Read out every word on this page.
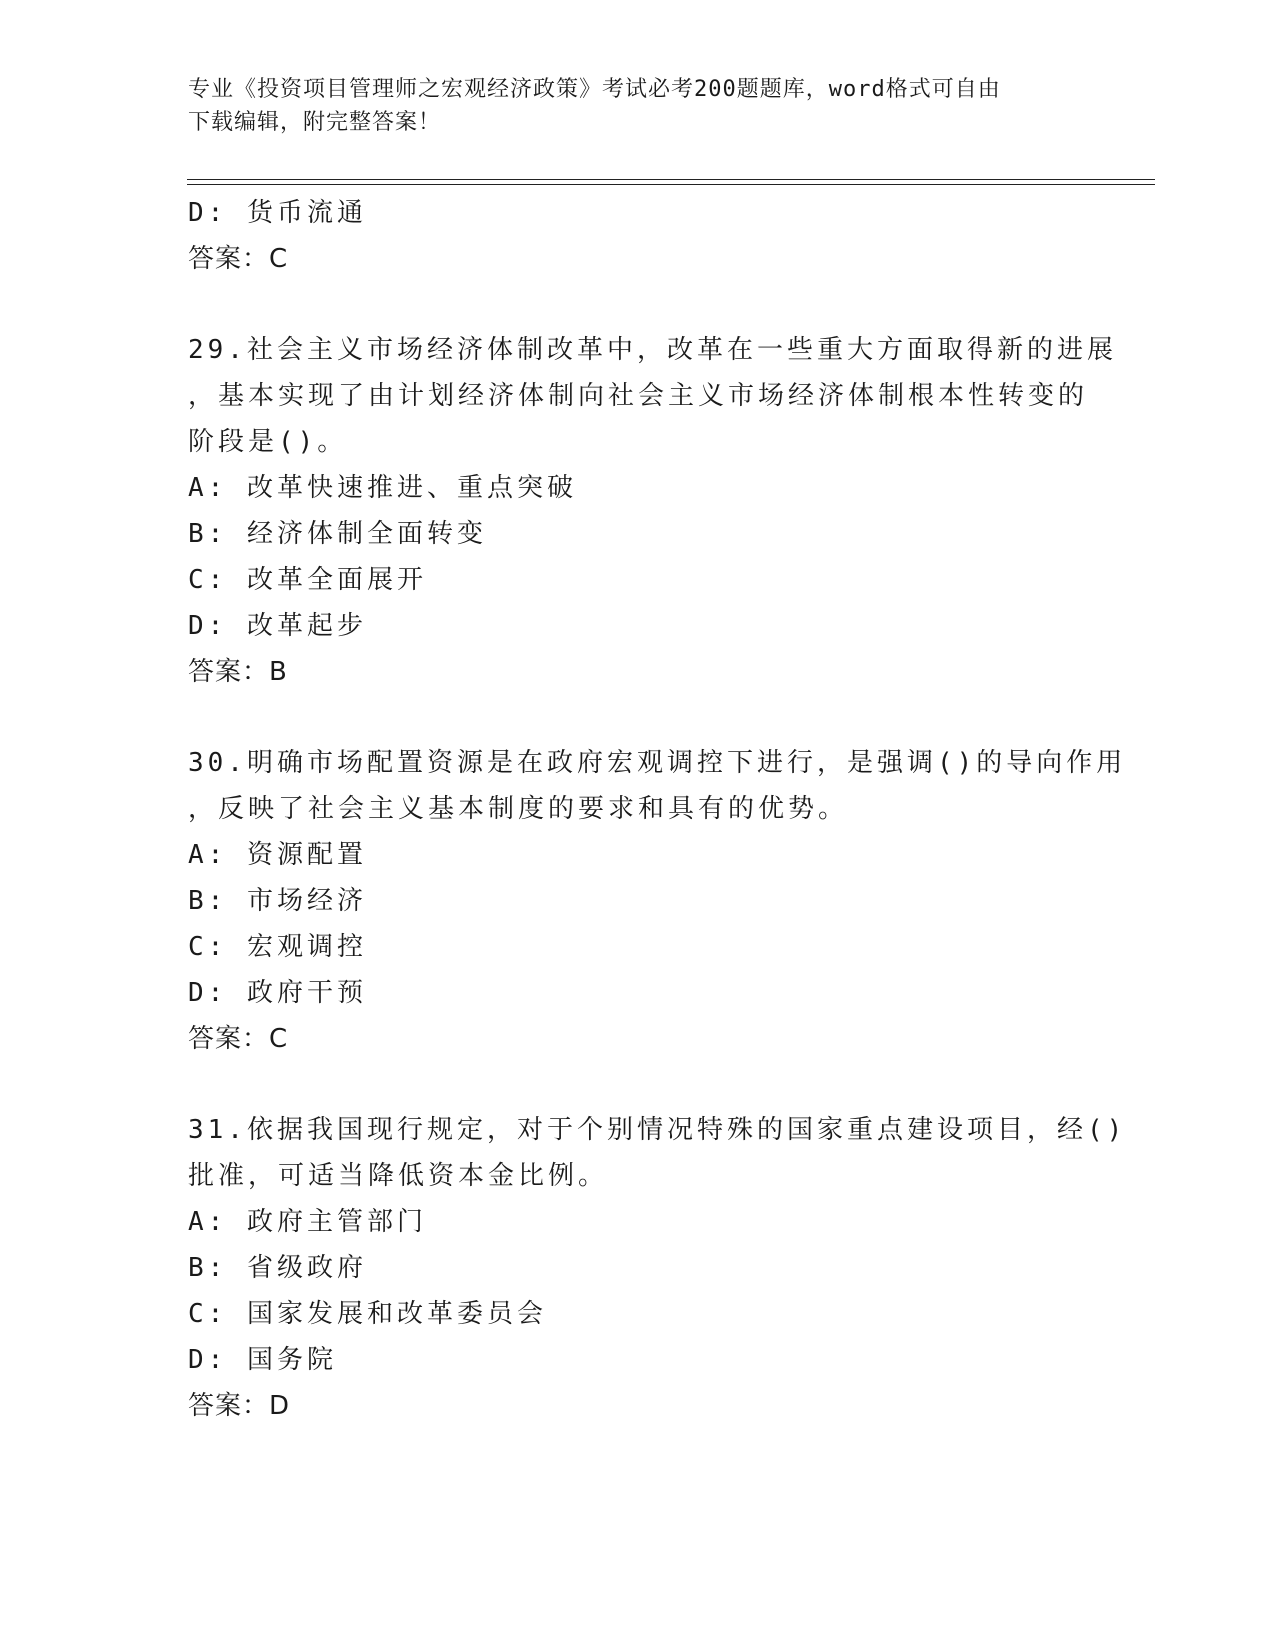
专业《投资项目管理师之宏观经济政策》考试必考200题题库，word格式可自由
下载编辑，附完整答案！
D: 货币流通
答案：C
29.社会主义市场经济体制改革中，改革在一些重大方面取得新的进展
，基本实现了由计划经济体制向社会主义市场经济体制根本性转变的
阶段是()。
A: 改革快速推进、重点突破
B: 经济体制全面转变
C: 改革全面展开
D: 改革起步
答案：B
30.明确市场配置资源是在政府宏观调控下进行，是强调()的导向作用
，反映了社会主义基本制度的要求和具有的优势。
A: 资源配置
B: 市场经济
C: 宏观调控
D: 政府干预
答案：C
31.依据我国现行规定，对于个别情况特殊的国家重点建设项目，经()
批准，可适当降低资本金比例。
A: 政府主管部门
B: 省级政府
C: 国家发展和改革委员会
D: 国务院
答案：D
